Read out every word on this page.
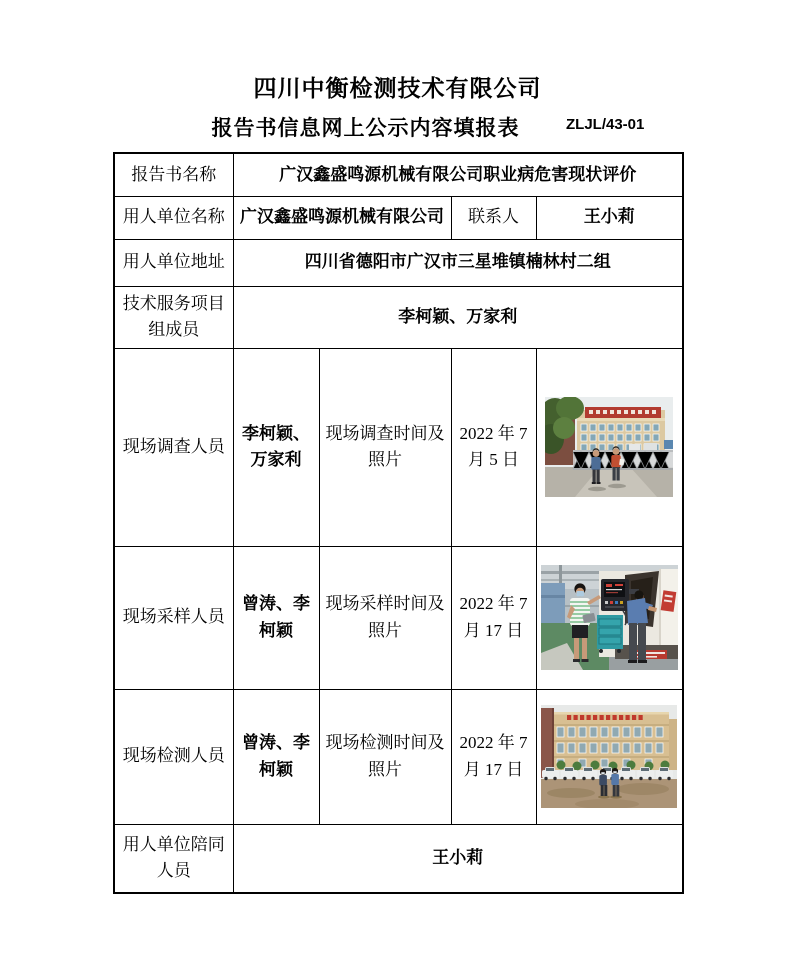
四川中衡检测技术有限公司
报告书信息网上公示内容填报表	ZLJL/43-01
报告书名称	广汉鑫盛鸣源机械有限公司职业病危害现状评价			
用人单位名称	广汉鑫盛鸣源机械有限公司		联系人	王小莉
用人单位地址	四川省德阳市广汉市三星堆镇楠林村二组			
技术服务项目组成员	李柯颖、万家利			
现场调查人员	李柯颖、万家利	现场调查时间及照片	2022 年 7 月 5 日	

现场采样人员	曾涛、李柯颖	现场采样时间及照片	2022 年 7 月 17 日	

现场检测人员	曾涛、李柯颖	现场检测时间及照片	2022 年 7 月 17 日	

用人单位陪同人员	王小莉			
